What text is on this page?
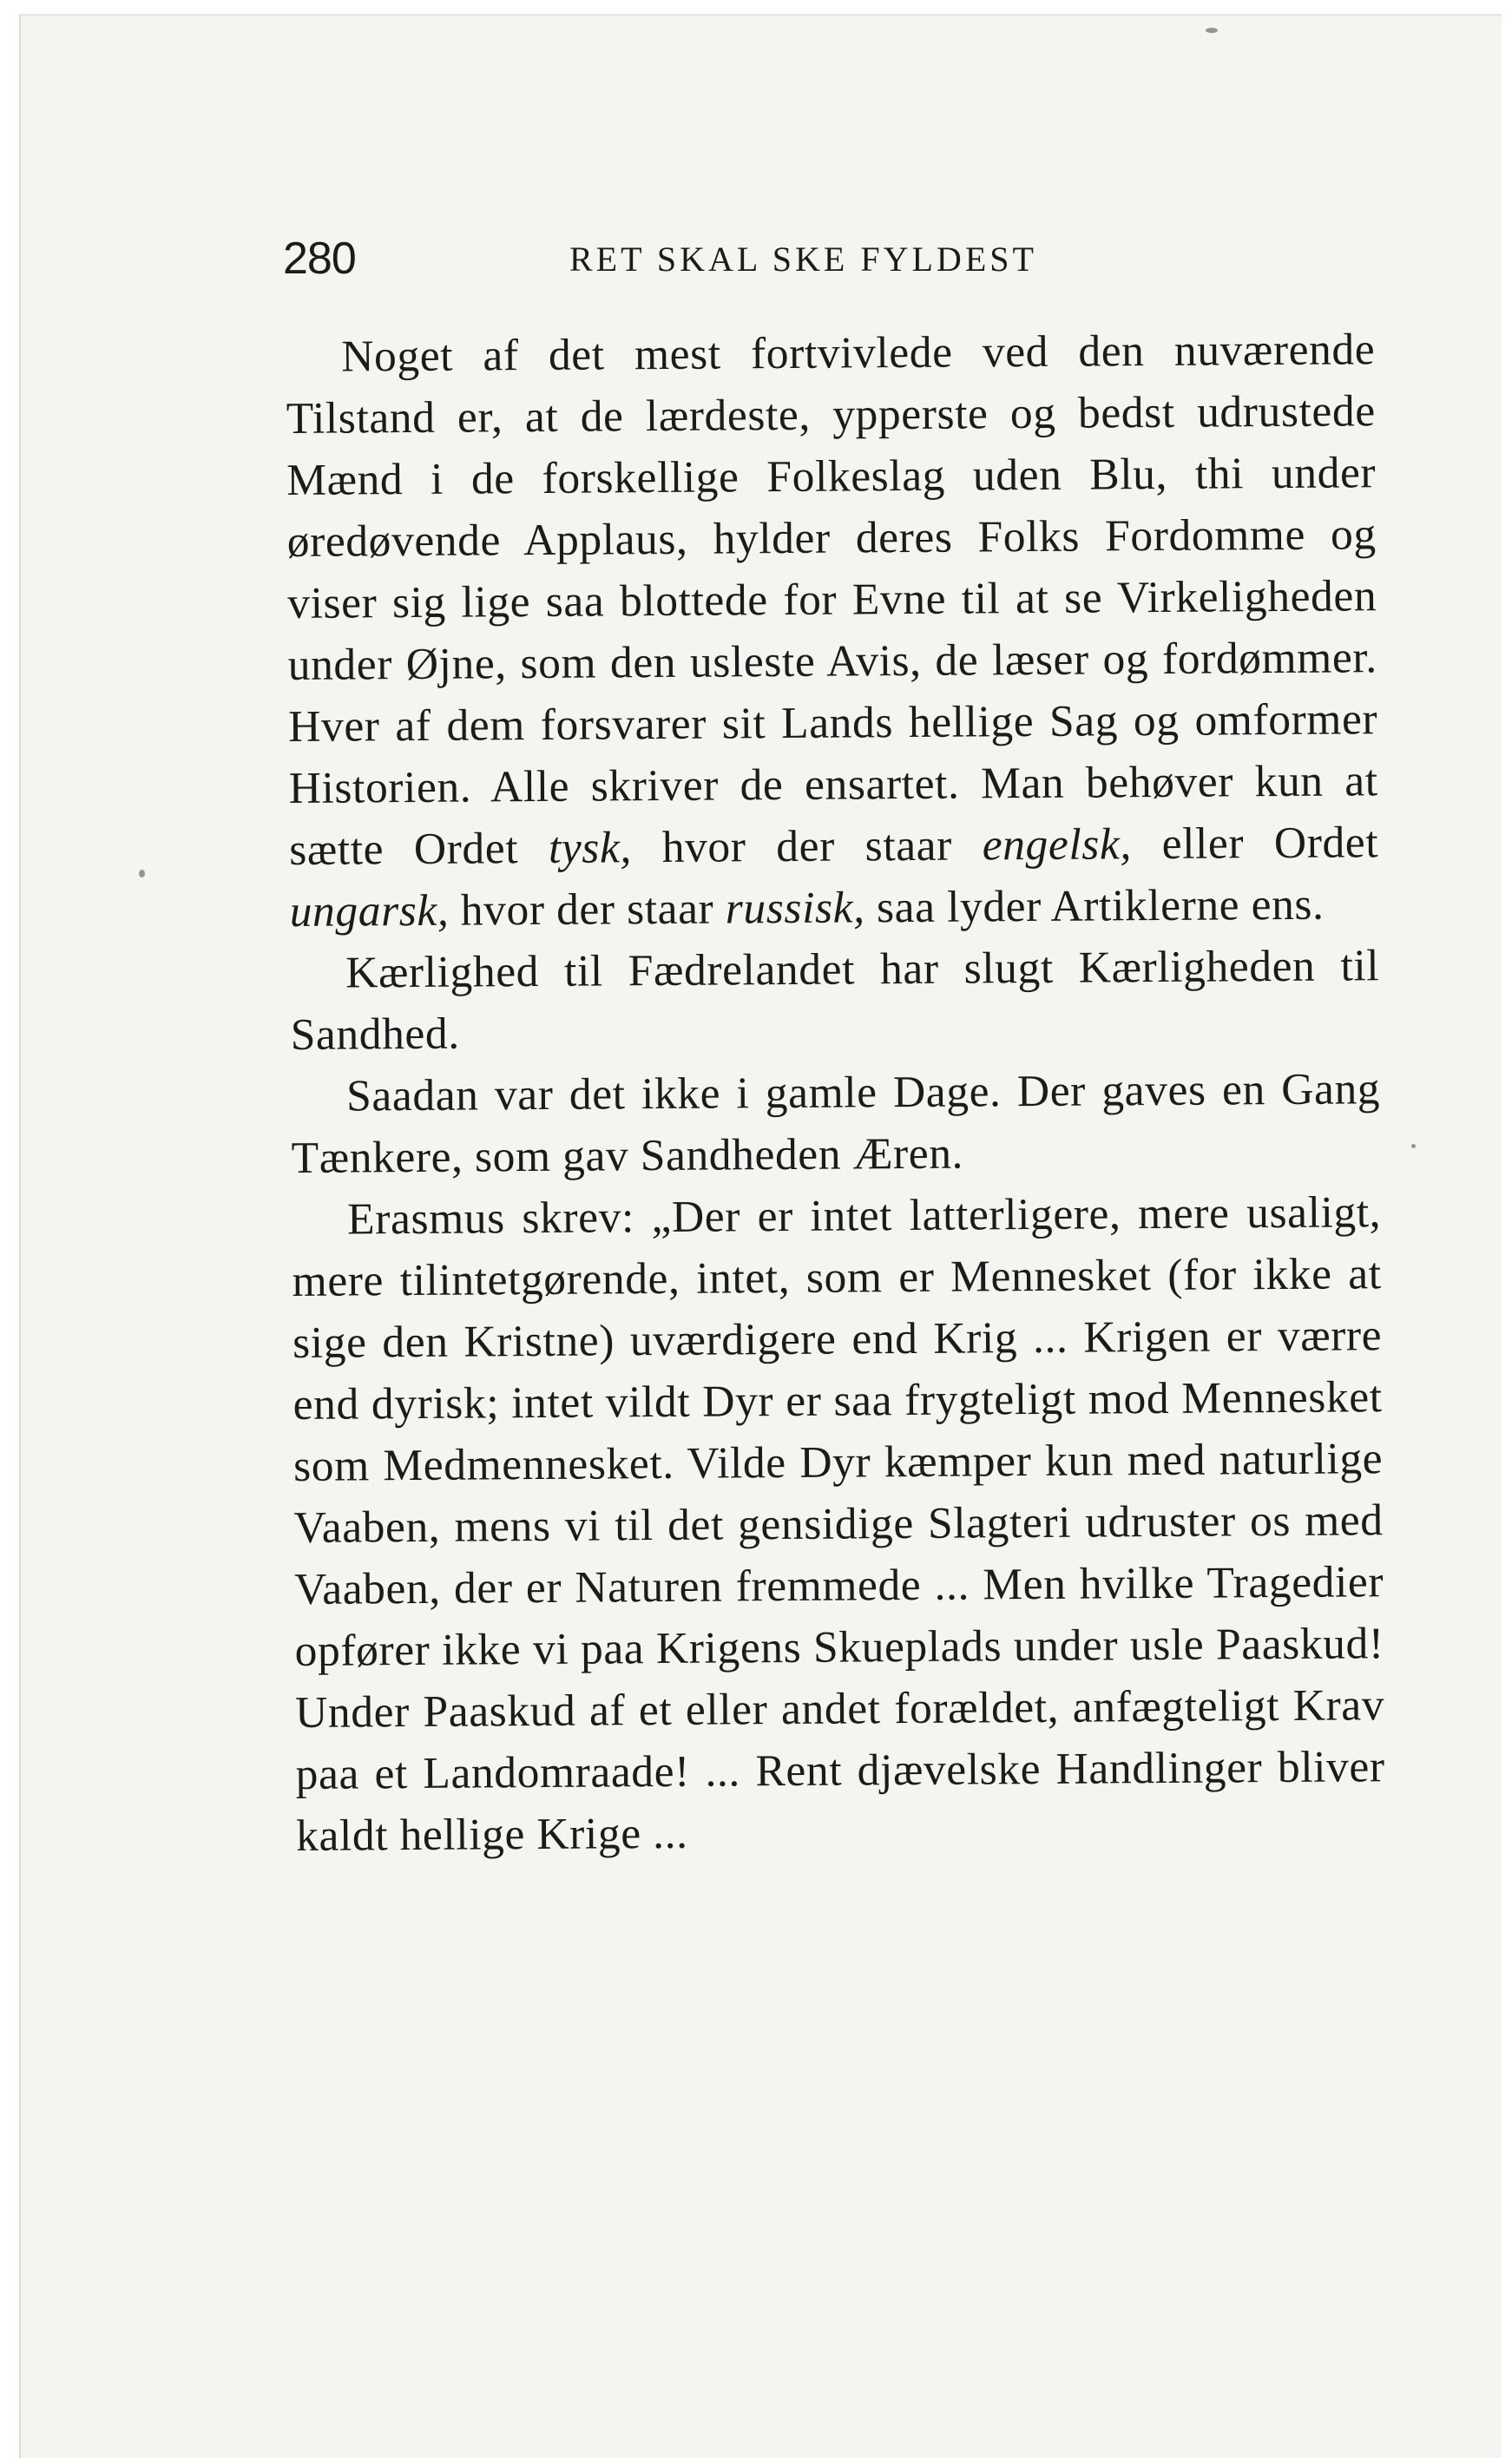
280	RET SKAL SKE FYLDEST

Noget af det mest fortvivlede ved den nuværende Tilstand er, at de lærdeste, ypperste og bedst udrustede Mænd i de forskellige Folkeslag uden Blu, thi under øredøvende Applaus, hylder deres Folks Fordomme og viser sig lige saa blottede for Evne til at se Virkeligheden under Øjne, som den usleste Avis, de læser og fordømmer. Hver af dem forsvarer sit Lands hellige Sag og omformer Historien. Alle skriver de ensartet. Man behøver kun at sætte Ordet tysk, hvor der staar engelsk, eller Ordet ungarsk, hvor der staar russisk, saa lyder Artiklerne ens.

Kærlighed til Fædrelandet har slugt Kærligheden til Sandhed.

Saadan var det ikke i gamle Dage. Der gaves en Gang Tænkere, som gav Sandheden Æren.

Erasmus skrev: „Der er intet latterligere, mere usaligt, mere tilintetgørende, intet, som er Mennesket (for ikke at sige den Kristne) uværdigere end Krig ... Krigen er værre end dyrisk; intet vildt Dyr er saa frygteligt mod Mennesket som Medmennesket. Vilde Dyr kæmper kun med naturlige Vaaben, mens vi til det gensidige Slagteri udruster os med Vaaben, der er Naturen fremmede ... Men hvilke Tragedier opfører ikke vi paa Krigens Skueplads under usle Paaskud! Under Paaskud af et eller andet forældet, anfægteligt Krav paa et Landomraade! ... Rent djævelske Handlinger bliver kaldt hellige Krige ...
